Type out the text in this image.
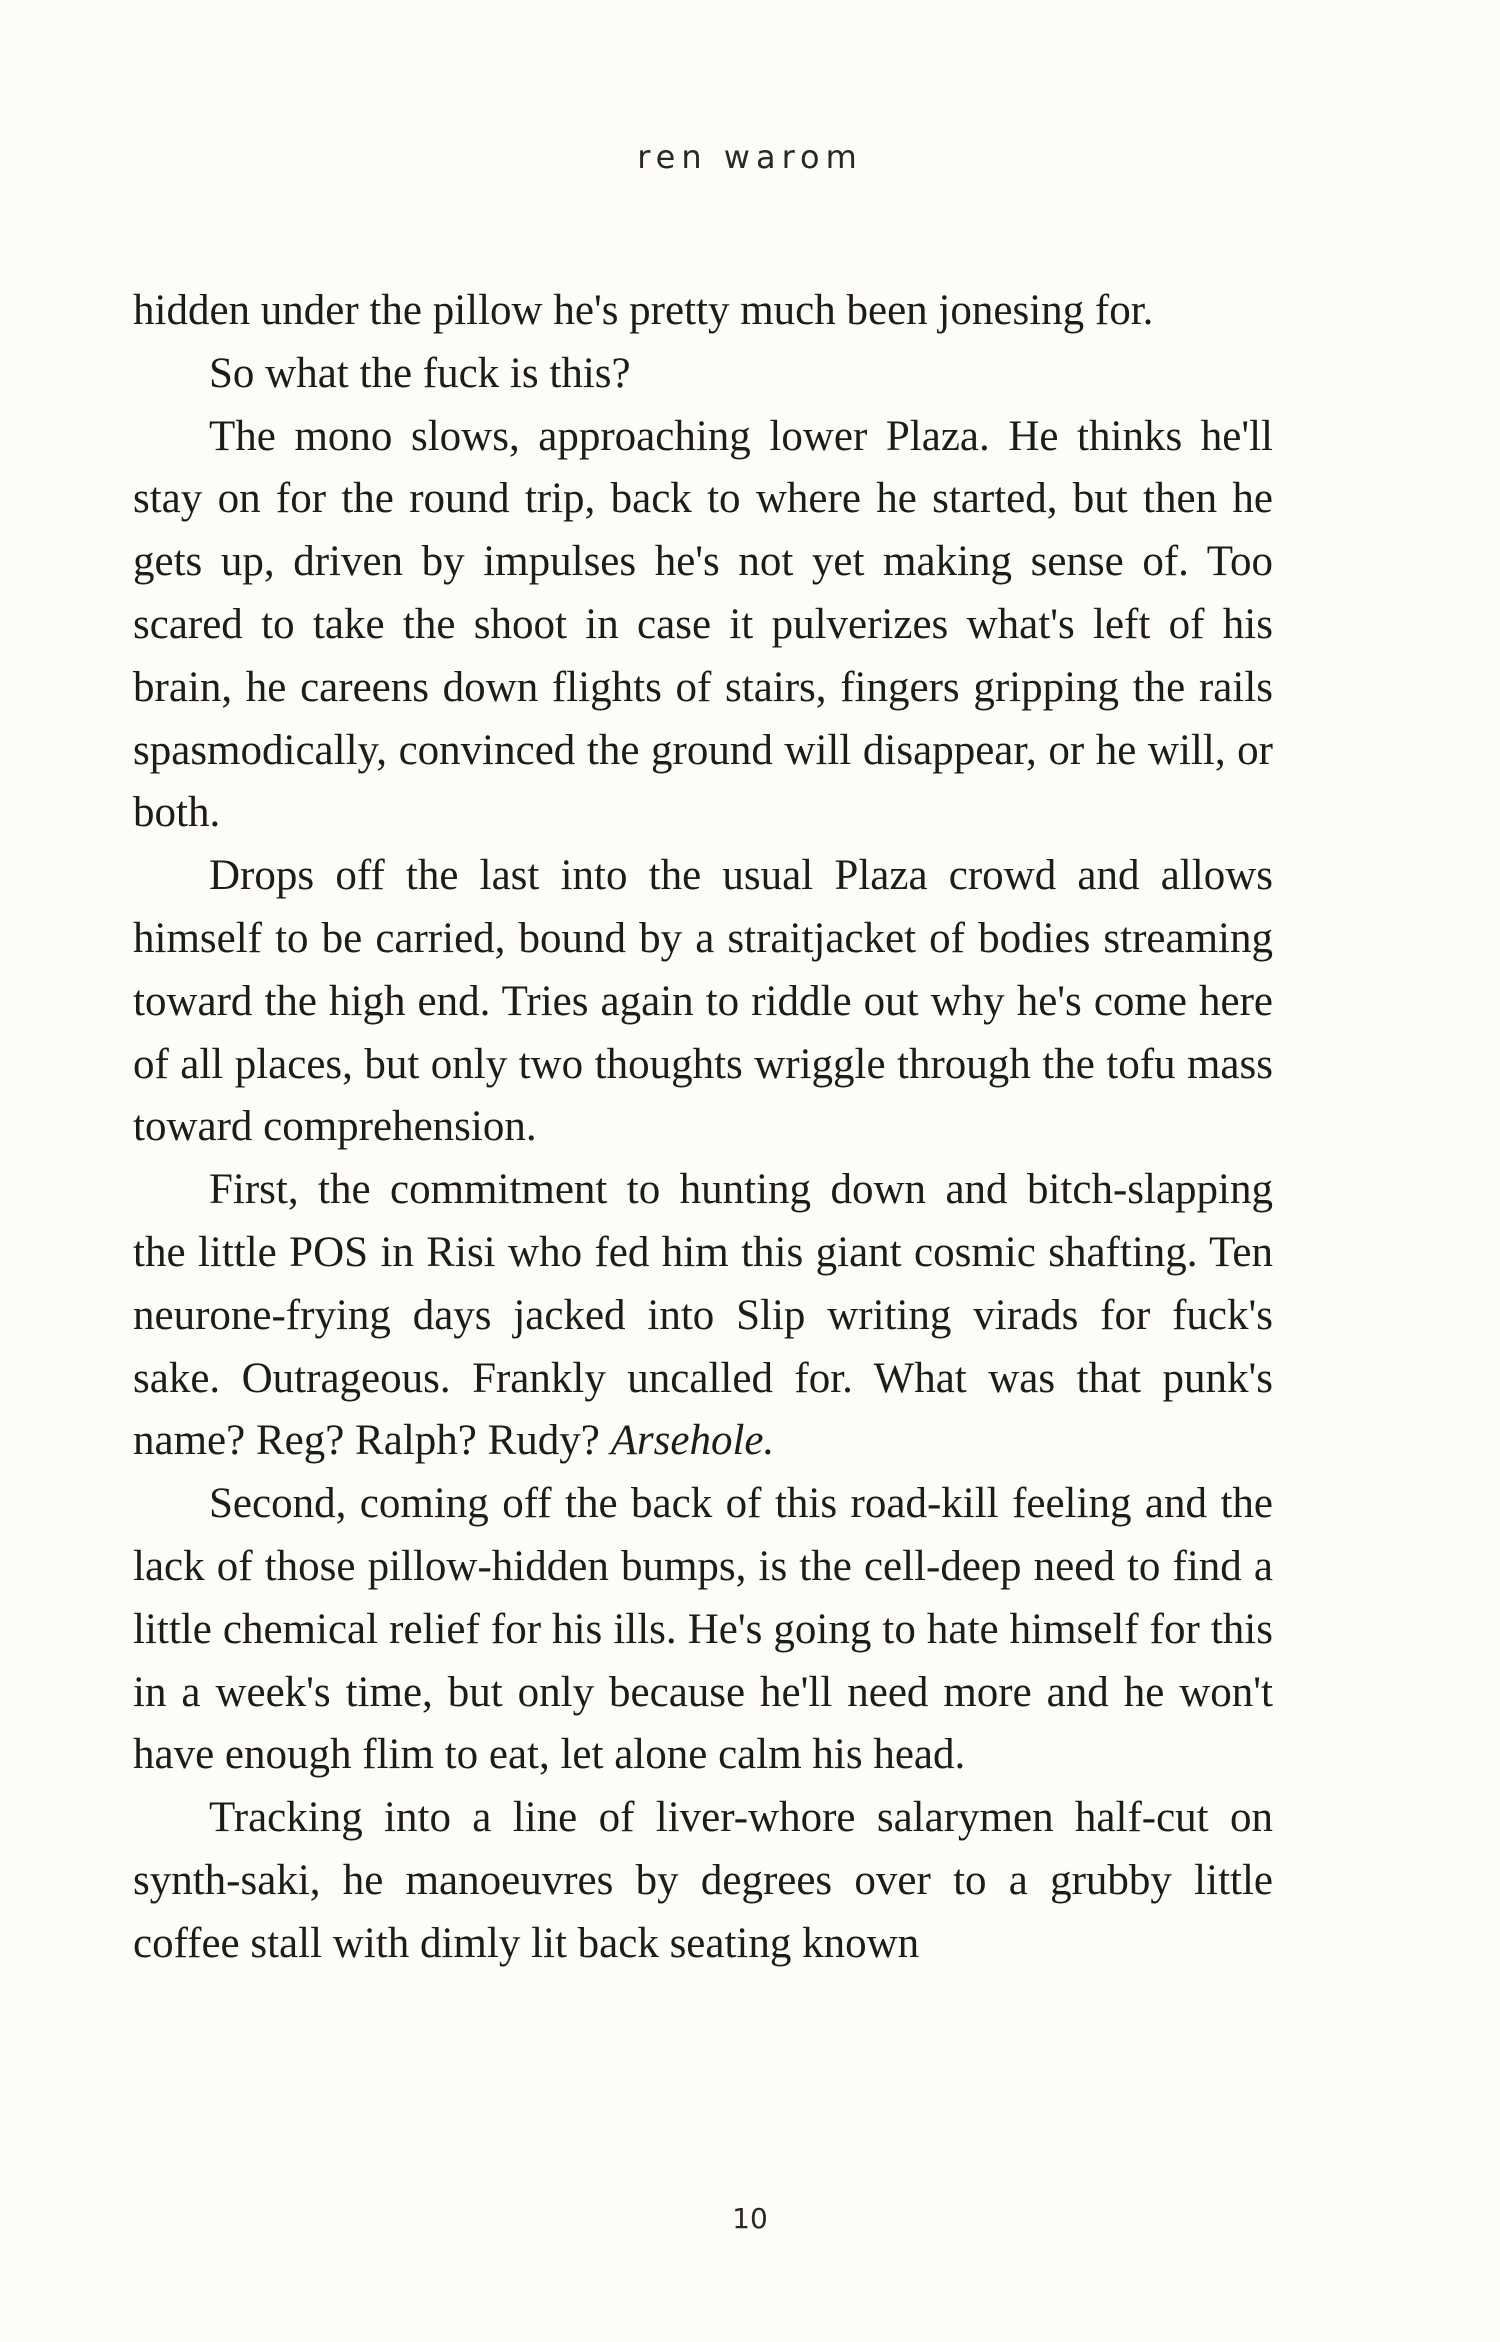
ren warom

hidden under the pillow he's pretty much been jonesing for.

So what the fuck is this?

The mono slows, approaching lower Plaza. He thinks he'll stay on for the round trip, back to where he started, but then he gets up, driven by impulses he's not yet making sense of. Too scared to take the shoot in case it pulverizes what's left of his brain, he careens down flights of stairs, fingers gripping the rails spasmodically, convinced the ground will disappear, or he will, or both.

Drops off the last into the usual Plaza crowd and allows himself to be carried, bound by a straitjacket of bodies streaming toward the high end. Tries again to riddle out why he's come here of all places, but only two thoughts wriggle through the tofu mass toward comprehension.

First, the commitment to hunting down and bitch-slapping the little POS in Risi who fed him this giant cosmic shafting. Ten neurone-frying days jacked into Slip writing virads for fuck's sake. Outrageous. Frankly uncalled for. What was that punk's name? Reg? Ralph? Rudy? Arsehole.

Second, coming off the back of this road-kill feeling and the lack of those pillow-hidden bumps, is the cell-deep need to find a little chemical relief for his ills. He's going to hate himself for this in a week's time, but only because he'll need more and he won't have enough flim to eat, let alone calm his head.

Tracking into a line of liver-whore salarymen half-cut on synth-saki, he manoeuvres by degrees over to a grubby little coffee stall with dimly lit back seating known

10
